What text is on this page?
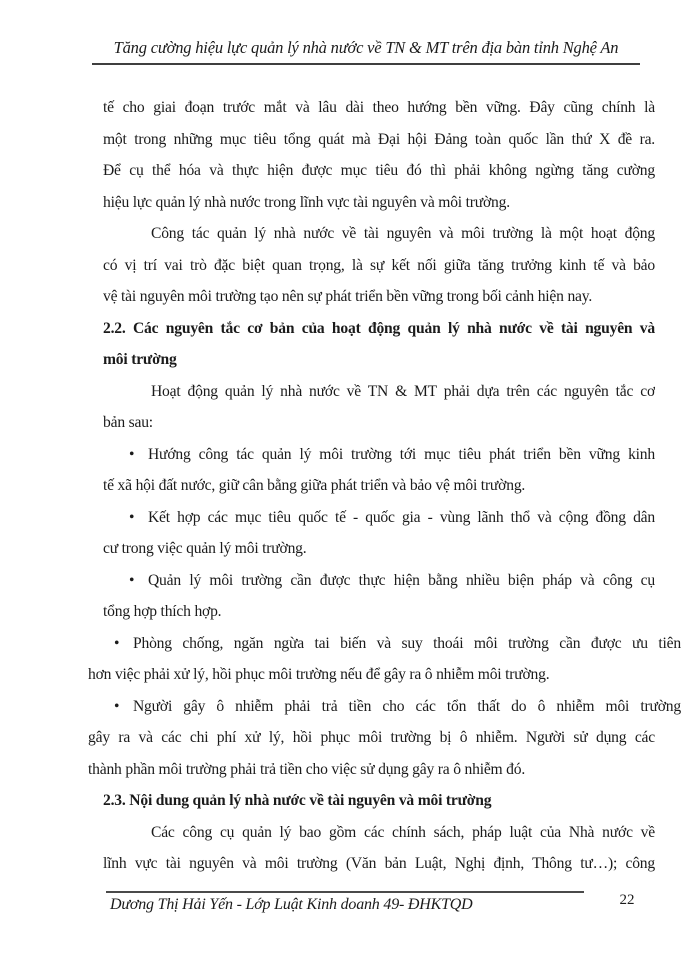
Tăng cường hiệu lực quản lý nhà nước về TN & MT trên địa bàn tỉnh Nghệ An
tế cho giai đoạn trước mắt và lâu dài theo hướng bền vững. Đây cũng chính là
một trong những mục tiêu tổng quát mà Đại hội Đảng toàn quốc lần thứ X đề ra.
Để cụ thể hóa và thực hiện được mục tiêu đó thì phải không ngừng tăng cường
hiệu lực quản lý nhà nước trong lĩnh vực tài nguyên và môi trường.
Công tác quản lý nhà nước về tài nguyên và môi trường là một hoạt động
có vị trí vai trò đặc biệt quan trọng, là sự kết nối giữa tăng trưởng kinh tế và bảo
vệ tài nguyên môi trường tạo nên sự phát triển bền vững trong bối cảnh hiện nay.
2.2. Các nguyên tắc cơ bản của hoạt động quản lý nhà nước về tài nguyên và
môi trường
Hoạt động quản lý nhà nước về TN & MT phải dựa trên các nguyên tắc cơ
bản sau:
• Hướng công tác quản lý môi trường tới mục tiêu phát triển bền vững kinh
tế xã hội đất nước, giữ cân bằng giữa phát triển và bảo vệ môi trường.
• Kết hợp các mục tiêu quốc tế - quốc gia - vùng lãnh thổ và cộng đồng dân
cư trong việc quản lý môi trường.
• Quản lý môi trường cần được thực hiện bằng nhiều biện pháp và công cụ
tổng hợp thích hợp.
• Phòng chống, ngăn ngừa tai biến và suy thoái môi trường cần được ưu tiên
hơn việc phải xử lý, hồi phục môi trường nếu để gây ra ô nhiễm môi trường.
• Người gây ô nhiễm phải trả tiền cho các tổn thất do ô nhiễm môi trường
gây ra và các chi phí xử lý, hồi phục môi trường bị ô nhiễm. Người sử dụng các
thành phần môi trường phải trả tiền cho việc sử dụng gây ra ô nhiễm đó.
2.3. Nội dung quản lý nhà nước về tài nguyên và môi trường
Các công cụ quản lý bao gồm các chính sách, pháp luật của Nhà nước về
lĩnh vực tài nguyên và môi trường (Văn bản Luật, Nghị định, Thông tư…); công
Dương Thị Hải Yến - Lớp Luật Kinh doanh 49- ĐHKTQD	22
